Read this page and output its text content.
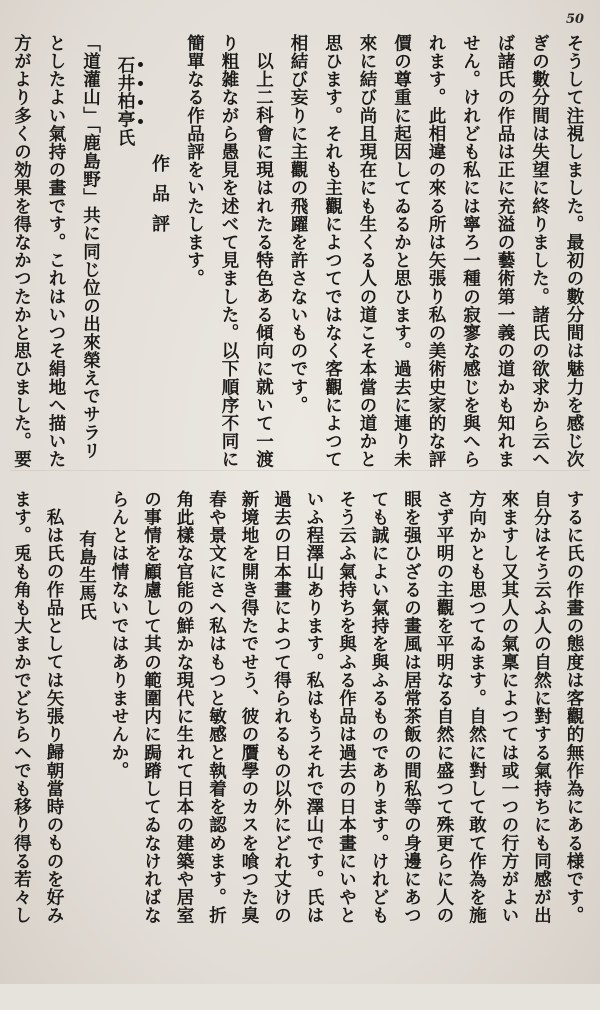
50
そうして注視しました。最初の數分間は魅力を感じ次
ぎの數分間は失望に終りました。諸氏の欲求から云へ
ば諸氏の作品は正に充溢の藝術第一義の道かも知れま
せん。けれども私には寧ろ一種の寂寥な感じを與へら
れます。此相違の來る所は矢張り私の美術史家的な評
價の尊重に起因してゐるかと思ひます。過去に連り未
來に結び尚且現在にも生くる人の道こそ本當の道かと
思ひます。それも主觀によつてではなく客觀によつて
相結び妄りに主觀の飛躍を許さないものです。
以上二科會に現はれたる特色ある傾向に就いて一渡
り粗雑ながら愚見を述べて見ました。以下順序不同に
簡單なる作品評をいたします。
作品評
石井柏亭氏
「道灌山」「鹿島野」共に同じ位の出來榮えでサラリ
としたよい氣持の畫です。これはいつそ絹地へ描いた
方がより多くの効果を得なかつたかと思ひました。要
するに氏の作畫の態度は客觀的無作為にある様です。
自分はそう云ふ人の自然に對する氣持ちにも同感が出
來ますし又其人の氣稟によつては或一つの行方がよい
方向かとも思つてゐます。自然に對して敢て作為を施
さず平明の主觀を平明なる自然に盛つて殊更らに人の
眼を强ひざるの畫風は居常茶飯の間私等の身邊にあつ
ても誠によい氣持を與ふるものであります。けれども
そう云ふ氣持ちを與ふる作品は過去の日本畫にいやと
いふ程澤山あります。私はもうそれで澤山です。氏は
過去の日本畫によつて得られるもの以外にどれ丈けの
新境地を開き得たでせう、彼の贋學のカスを喰つた臭
春や景文にさへ私はもつと敏感と執着を認めます。折
角此樣な官能の鮮かな現代に生れて日本の建築や居室
の事情を顧慮して其の範圍内に跼蹐してゐなければな
らんとは情ないではありませんか。
有島生馬氏
私は氏の作品としては矢張り歸朝當時のものを好み
ます。兎も角も大まかでどちらへでも移り得る若々し
